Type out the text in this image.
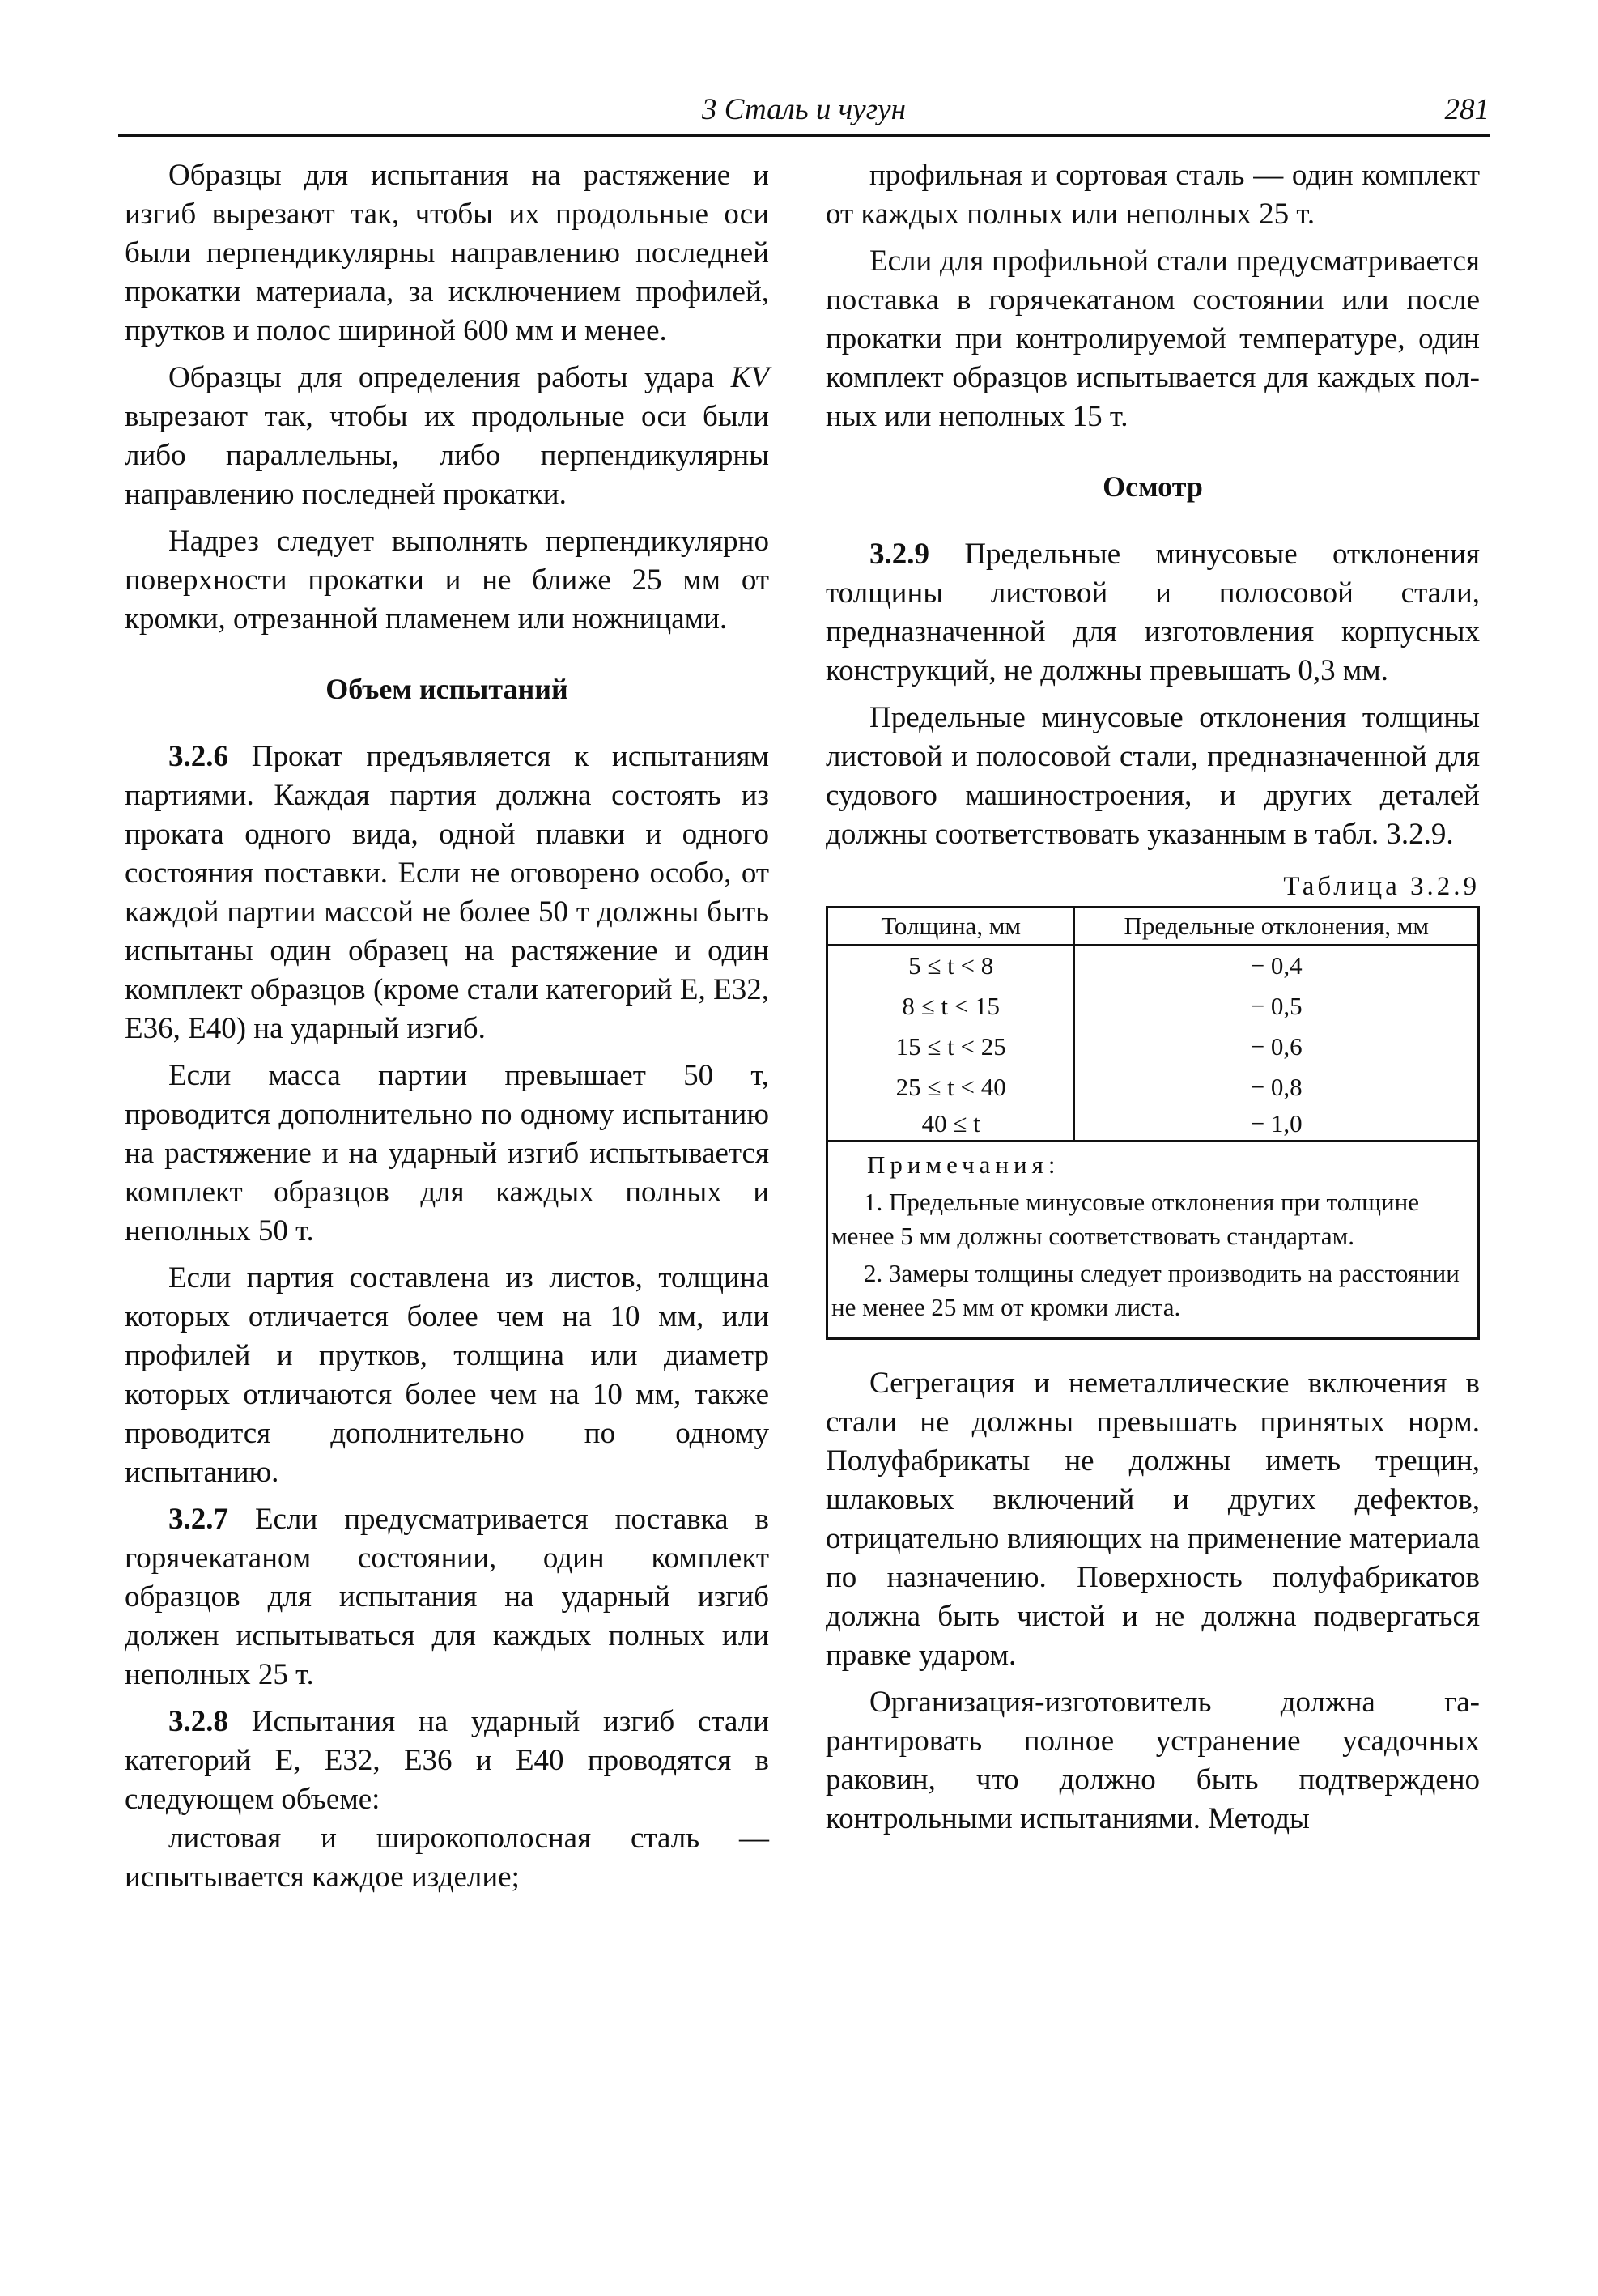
3 Сталь и чугун	281

Образцы для испытания на растяжение и изгиб вырезают так, чтобы их продольные оси были перпендикулярны направлению последней прокатки материала, за исключением профилей, прутков и полос шириной 600 мм и менее.

Образцы для определения работы удара KV вырезают так, чтобы их продольные оси были либо параллельны, либо перпендикулярны направлению последней прокатки.

Надрез следует выполнять перпендикулярно поверхности прокатки и не ближе 25 мм от кромки, отрезанной пламенем или ножницами.

Объем испытаний

3.2.6 Прокат предъявляется к испытаниям партиями. Каждая партия должна состоять из проката одного вида, одной плавки и одного состояния поставки. Если не оговорено особо, от каждой партии массой не более 50 т должны быть испытаны один образец на растяжение и один комплект образцов (кроме стали категорий Е, Е32, Е36, Е40) на ударный изгиб.

Если масса партии превышает 50 т, проводится дополнительно по одному испытанию на растяжение и на ударный изгиб испытывается комплект образцов для каждых полных и неполных 50 т.

Если партия составлена из листов, толщина которых отличается более чем на 10 мм, или профилей и прутков, толщина или диаметр которых отличаются более чем на 10 мм, также проводится дополнительно по одному испытанию.

3.2.7 Если предусматривается поставка в горячекатаном состоянии, один комплект образцов для испытания на ударный изгиб должен испытываться для каждых полных или неполных 25 т.

3.2.8 Испытания на ударный изгиб стали категорий Е, Е32, Е36 и Е40 проводятся в следующем объеме:

листовая и широкополосная сталь — испытывается каждое изделие;

профильная и сортовая сталь — один комплект от каждых полных или неполных 25 т.

Если для профильной стали предусматривается поставка в горячекатаном состоянии или после прокатки при контролируемой температуре, один комплект образцов испытывается для каждых полных или неполных 15 т.

Осмотр

3.2.9 Предельные минусовые отклонения толщины листовой и полосовой стали, предназначенной для изготовления корпусных конструкций, не должны превышать 0,3 мм.

Предельные минусовые отклонения толщины листовой и полосовой стали, предназначенной для судового машиностроения, и других деталей должны соответствовать указанным в табл. 3.2.9.

Таблица 3.2.9
Толщина, мм	Предельные отклонения, мм
5 ≤ t < 8	− 0,4
8 ≤ t < 15	− 0,5
15 ≤ t < 25	− 0,6
25 ≤ t < 40	− 0,8
40 ≤ t	− 1,0

Примечания:

1. Предельные минусовые отклонения при толщине менее 5 мм должны соответствовать стандартам.

2. Замеры толщины следует производить на расстоянии не менее 25 мм от кромки листа.	

Сегрегация и неметаллические включения в стали не должны превышать принятых норм. Полуфабрикаты не должны иметь трещин, шлаковых включений и других дефектов, отрицательно влияющих на применение материала по назначению. Поверхность полуфабрикатов должна быть чистой и не должна подвергаться правке ударом.

Организация-изготовитель должна гарантировать полное устранение усадочных раковин, что должно быть подтверждено контрольными испытаниями. Методы
